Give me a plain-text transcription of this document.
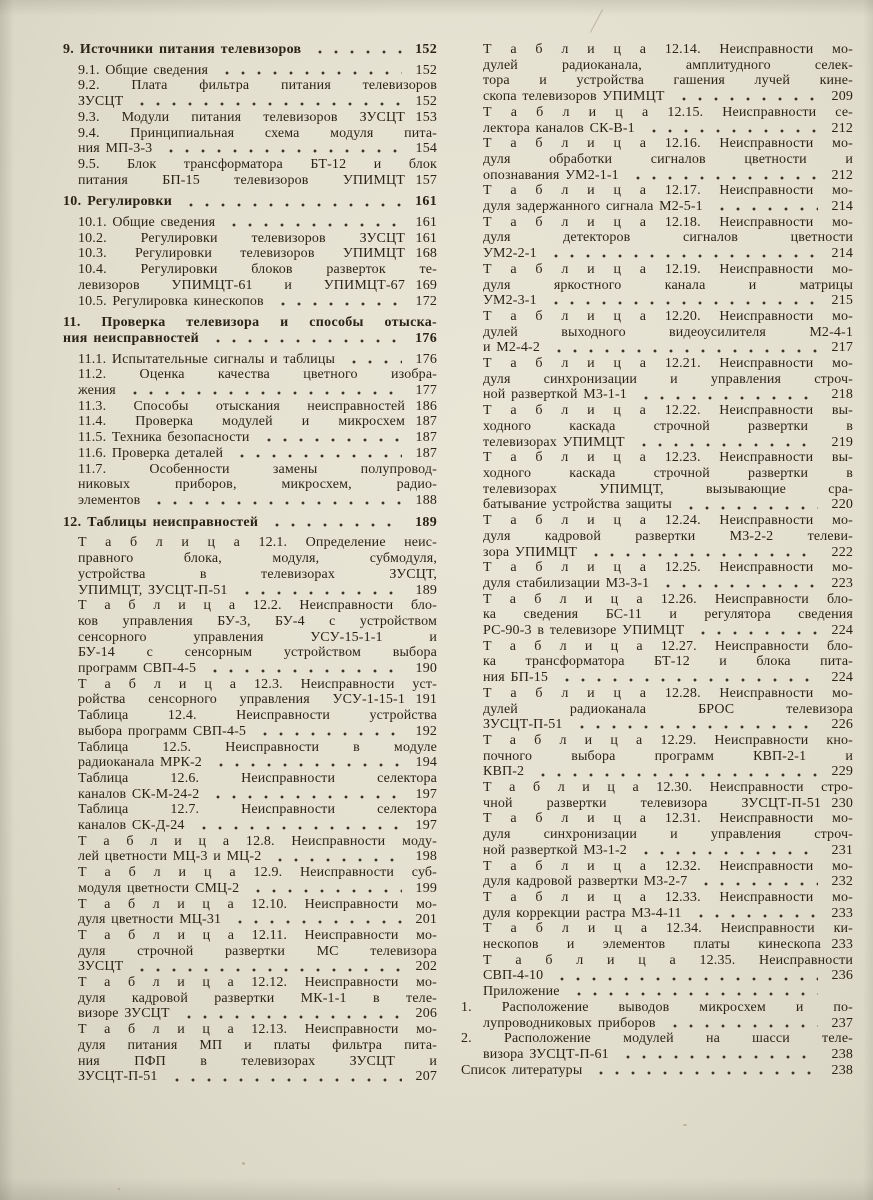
9. Источники питания телевизоров	152
9.1. Общие сведения	152
9.2. Плата фильтра питания телевизоров
ЗУСЦТ	152
9.3. Модули питания телевизоров ЗУСЦТ 153
9.4. Принципиальная схема модуля пита-
ния МП-3-3	154
9.5. Блок трансформатора БТ-12 и блок
питания БП-15 телевизоров УПИМЦТ 157
10. Регулировки	161
10.1. Общие сведения	161
10.2. Регулировки телевизоров ЗУСЦТ 161
10.3. Регулировки телевизоров УПИМЦТ 168
10.4. Регулировки блоков разверток те-
левизоров УПИМЦТ-61 и УПИМЦТ-67 169
10.5. Регулировка кинескопов	172
11. Проверка телевизора и способы отыска-
ния неисправностей	176
11.1. Испытательные сигналы и таблицы	176
11.2. Оценка качества цветного изобра-
жения	177
11.3. Способы отыскания неисправностей 186
11.4. Проверка модулей и микросхем 187
11.5. Техника безопасности	187
11.6. Проверка деталей	187
11.7. Особенности замены полупровод-
никовых приборов, микросхем, радио-
элементов	188
12. Таблицы неисправностей	189
Т а б л и ц а 12.1. Определение неис-
правного блока, модуля, субмодуля,
устройства в телевизорах ЗУСЦТ,
УПИМЦТ, ЗУСЦТ-П-51	189
Т а б л и ц а 12.2. Неисправности бло-
ков управления БУ-3, БУ-4 с устройством
сенсорного управления УСУ-15-1-1 и
БУ-14 с сенсорным устройством выбора
программ СВП-4-5	190
Т а б л и ц а 12.3. Неисправности уст-
ройства сенсорного управления УСУ-1-15-1 191
Таблица 12.4. Неисправности устройства
выбора программ СВП-4-5	192
Таблица 12.5. Неисправности в модуле
радиоканала МРК-2	194
Таблица 12.6. Неисправности селектора
каналов СК-М-24-2	197
Таблица 12.7. Неисправности селектора
каналов СК-Д-24	197
Т а б л и ц а 12.8. Неисправности моду-
лей цветности МЦ-3 и МЦ-2	198
Т а б л и ц а 12.9. Неисправности суб-
модуля цветности СМЦ-2	199
Т а б л и ц а 12.10. Неисправности мо-
дуля цветности МЦ-31	201
Т а б л и ц а 12.11. Неисправности мо-
дуля строчной развертки МС телевизора
ЗУСЦТ	202
Т а б л и ц а 12.12. Неисправности мо-
дуля кадровой развертки МК-1-1 в теле-
визоре ЗУСЦТ	206
Т а б л и ц а 12.13. Неисправности мо-
дуля питания МП и платы фильтра пита-
ния ПФП в телевизорах ЗУСЦТ и
ЗУСЦТ-П-51	207
Т а б л и ц а 12.14. Неисправности мо-
дулей радиоканала, амплитудного селек-
тора и устройства гашения лучей кине-
скопа телевизоров УПИМЦТ	209
Т а б л и ц а 12.15. Неисправности се-
лектора каналов СК-В-1	212
Т а б л и ц а 12.16. Неисправности мо-
дуля обработки сигналов цветности и
опознавания УМ2-1-1	212
Т а б л и ц а 12.17. Неисправности мо-
дуля задержанного сигнала М2-5-1	214
Т а б л и ц а 12.18. Неисправности мо-
дуля детекторов сигналов цветности
УМ2-2-1	214
Т а б л и ц а 12.19. Неисправности мо-
дуля яркостного канала и матрицы
УМ2-3-1	215
Т а б л и ц а 12.20. Неисправности мо-
дулей выходного видеоусилителя М2-4-1
и М2-4-2	217
Т а б л и ц а 12.21. Неисправности мо-
дуля синхронизации и управления строч-
ной разверткой М3-1-1	218
Т а б л и ц а 12.22. Неисправности вы-
ходного каскада строчной развертки в
телевизорах УПИМЦТ	219
Т а б л и ц а 12.23. Неисправности вы-
ходного каскада строчной развертки в
телевизорах УПИМЦТ, вызывающие сра-
батывание устройства защиты	220
Т а б л и ц а 12.24. Неисправности мо-
дуля кадровой развертки М3-2-2 телеви-
зора УПИМЦТ	222
Т а б л и ц а 12.25. Неисправности мо-
дуля стабилизации М3-3-1	223
Т а б л и ц а 12.26. Неисправности бло-
ка сведения БС-11 и регулятора сведения
РС-90-3 в телевизоре УПИМЦТ	224
Т а б л и ц а 12.27. Неисправности бло-
ка трансформатора БТ-12 и блока пита-
ния БП-15	224
Т а б л и ц а 12.28. Неисправности мо-
дулей радиоканала БРОС телевизора
ЗУСЦТ-П-51	226
Т а б л и ц а 12.29. Неисправности кно-
почного выбора программ КВП-2-1 и
КВП-2	229
Т а б л и ц а 12.30. Неисправности стро-
чной развертки телевизора ЗУСЦТ-П-51 230
Т а б л и ц а 12.31. Неисправности мо-
дуля синхронизации и управления строч-
ной разверткой М3-1-2	231
Т а б л и ц а 12.32. Неисправности мо-
дуля кадровой развертки М3-2-7	232
Т а б л и ц а 12.33. Неисправности мо-
дуля коррекции растра М3-4-11	233
Т а б л и ц а 12.34. Неисправности ки-
нескопов и элементов платы кинескопа 233
Т а б л и ц а 12.35. Неисправности
СВП-4-10	236
Приложение
1. Расположение выводов микросхем и по-
лупроводниковых приборов	237
2. Расположение модулей на шасси теле-
визора ЗУСЦТ-П-61	238
Список литературы	238
